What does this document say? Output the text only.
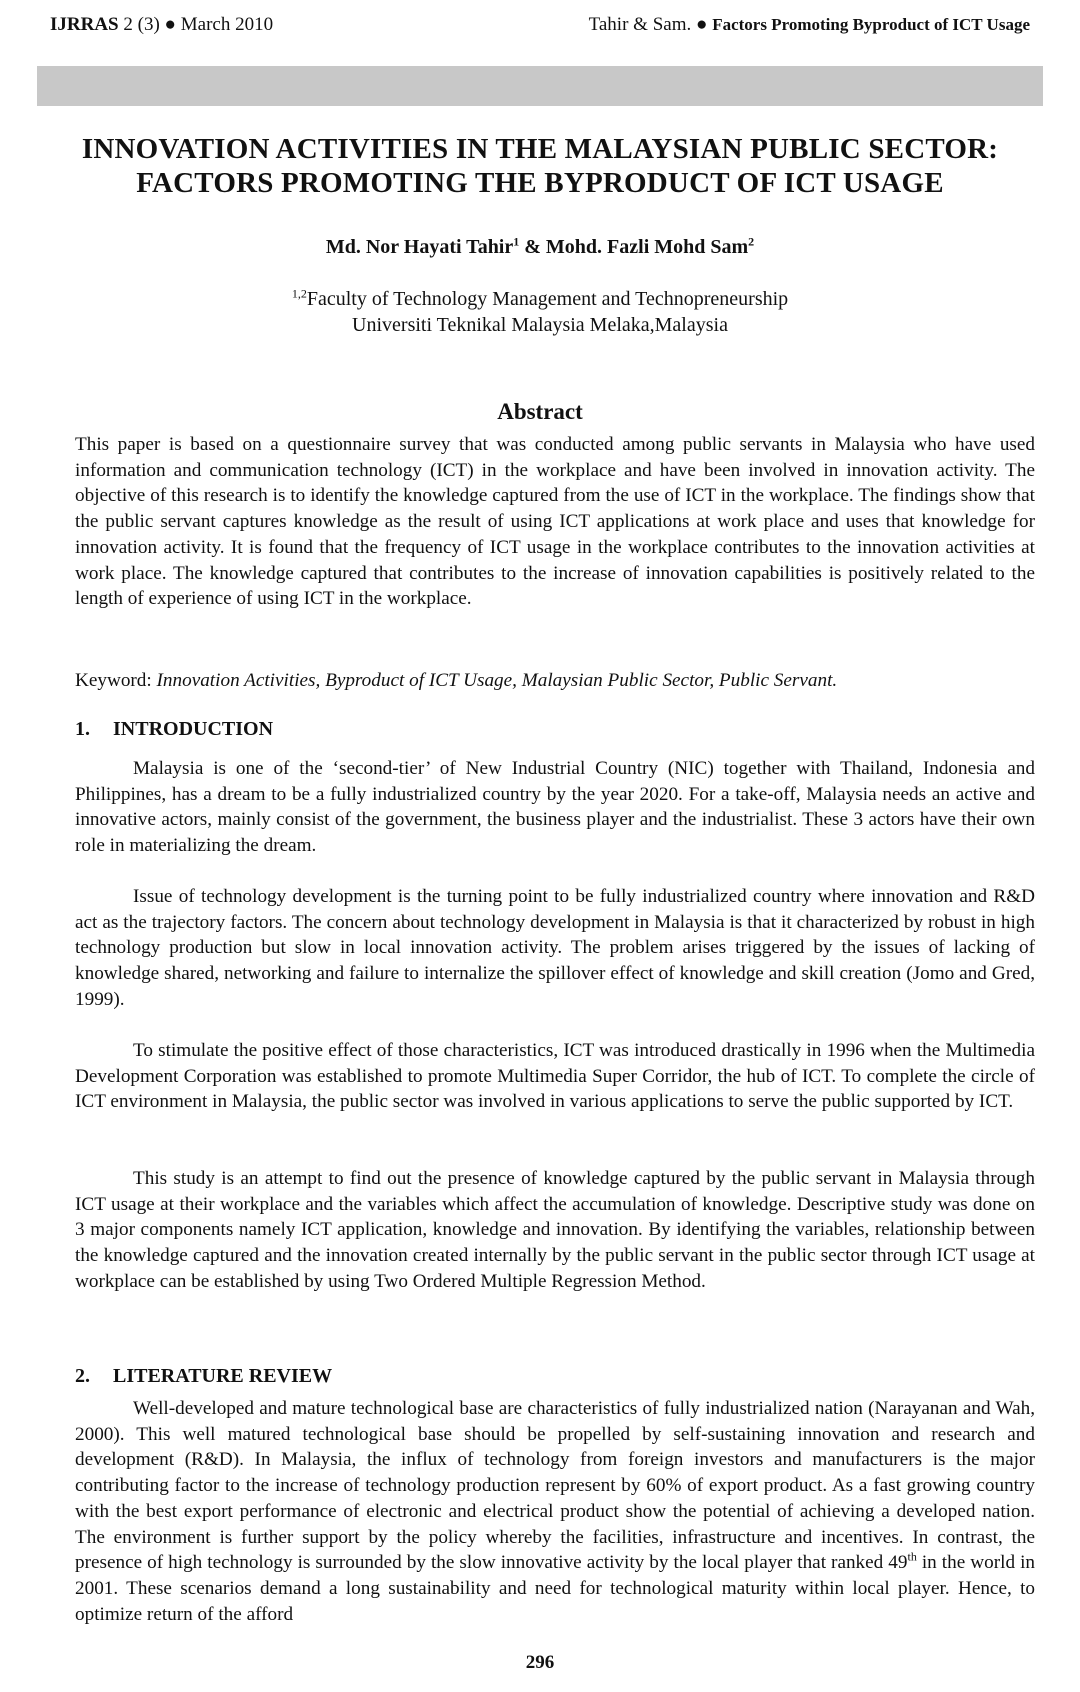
IJRRAS 2 (3) ● March 2010	Tahir & Sam. ● Factors Promoting Byproduct of ICT Usage
INNOVATION ACTIVITIES IN THE MALAYSIAN PUBLIC SECTOR:
FACTORS PROMOTING THE BYPRODUCT OF ICT USAGE
Md. Nor Hayati Tahir$^1$ & Mohd. Fazli Mohd Sam$^2$
$^{1,2}$Faculty of Technology Management and Technopreneurship
Universiti Teknikal Malaysia Melaka,Malaysia
Abstract

This paper is based on a questionnaire survey that was conducted among public servants in Malaysia who have used information and communication technology (ICT) in the workplace and have been involved in innovation activity. The objective of this research is to identify the knowledge captured from the use of ICT in the workplace. The findings show that the public servant captures knowledge as the result of using ICT applications at work place and uses that knowledge for innovation activity. It is found that the frequency of ICT usage in the workplace contributes to the innovation activities at work place. The knowledge captured that contributes to the increase of innovation capabilities is positively related to the length of experience of using ICT in the workplace.

Keyword: Innovation Activities, Byproduct of ICT Usage, Malaysian Public Sector, Public Servant.

1. INTRODUCTION

Malaysia is one of the ‘second-tier’ of New Industrial Country (NIC) together with Thailand, Indonesia and Philippines, has a dream to be a fully industrialized country by the year 2020. For a take-off, Malaysia needs an active and innovative actors, mainly consist of the government, the business player and the industrialist. These 3 actors have their own role in materializing the dream.

Issue of technology development is the turning point to be fully industrialized country where innovation and R&D act as the trajectory factors. The concern about technology development in Malaysia is that it characterized by robust in high technology production but slow in local innovation activity. The problem arises triggered by the issues of lacking of knowledge shared, networking and failure to internalize the spillover effect of knowledge and skill creation (Jomo and Gred, 1999).

To stimulate the positive effect of those characteristics, ICT was introduced drastically in 1996 when the Multimedia Development Corporation was established to promote Multimedia Super Corridor, the hub of ICT. To complete the circle of ICT environment in Malaysia, the public sector was involved in various applications to serve the public supported by ICT.

This study is an attempt to find out the presence of knowledge captured by the public servant in Malaysia through ICT usage at their workplace and the variables which affect the accumulation of knowledge. Descriptive study was done on 3 major components namely ICT application, knowledge and innovation. By identifying the variables, relationship between the knowledge captured and the innovation created internally by the public servant in the public sector through ICT usage at workplace can be established by using Two Ordered Multiple Regression Method.

2. LITERATURE REVIEW

Well-developed and mature technological base are characteristics of fully industrialized nation (Narayanan and Wah, 2000). This well matured technological base should be propelled by self-sustaining innovation and research and development (R&D). In Malaysia, the influx of technology from foreign investors and manufacturers is the major contributing factor to the increase of technology production represent by 60% of export product. As a fast growing country with the best export performance of electronic and electrical product show the potential of achieving a developed nation. The environment is further support by the policy whereby the facilities, infrastructure and incentives. In contrast, the presence of high technology is surrounded by the slow innovative activity by the local player that ranked 49th in the world in 2001. These scenarios demand a long sustainability and need for technological maturity within local player. Hence, to optimize return of the afford

296
